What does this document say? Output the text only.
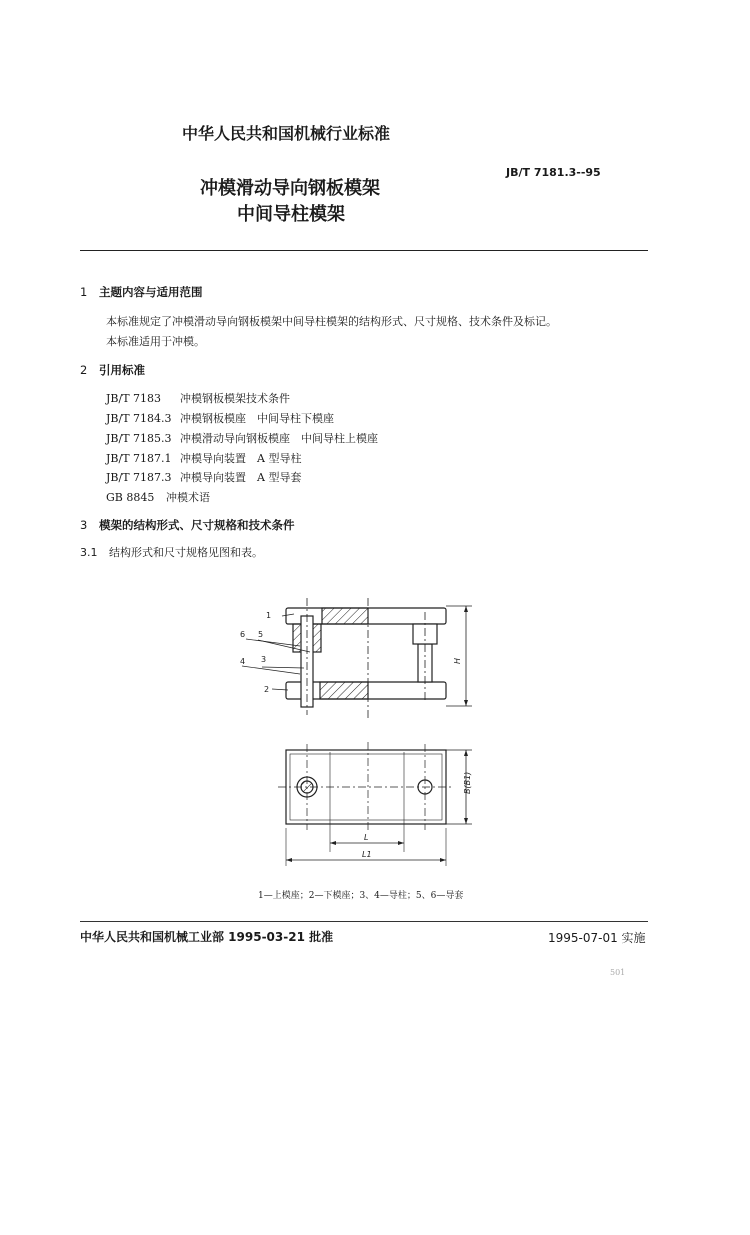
中华人民共和国机械行业标准
JB/T 7181.3--95
冲模滑动导向钢板模架
中间导柱模架
1 主题内容与适用范围
本标准规定了冲模滑动导向钢板模架中间导柱模架的结构形式、尺寸规格、技术条件及标记。
本标准适用于冲模。
2 引用标准
JB/T 7183 冲模钢板模架技术条件
JB/T 7184.3 冲模钢板模座　中间导柱下模座
JB/T 7185.3 冲模滑动导向钢板模座　中间导柱上模座
JB/T 7187.1 冲模导向装置　A 型导柱
JB/T 7187.3 冲模导向装置　A 型导套
GB 8845 冲模术语
3 模架的结构形式、尺寸规格和技术条件
3.1 结构形式和尺寸规格见图和表。
1
6 5
4 3
2
H
L
L1
B(B1)
1—上模座；2—下模座；3、4—导柱；5、6—导套
中华人民共和国机械工业部 1995-03-21 批准	1995-07-01 实施
501
